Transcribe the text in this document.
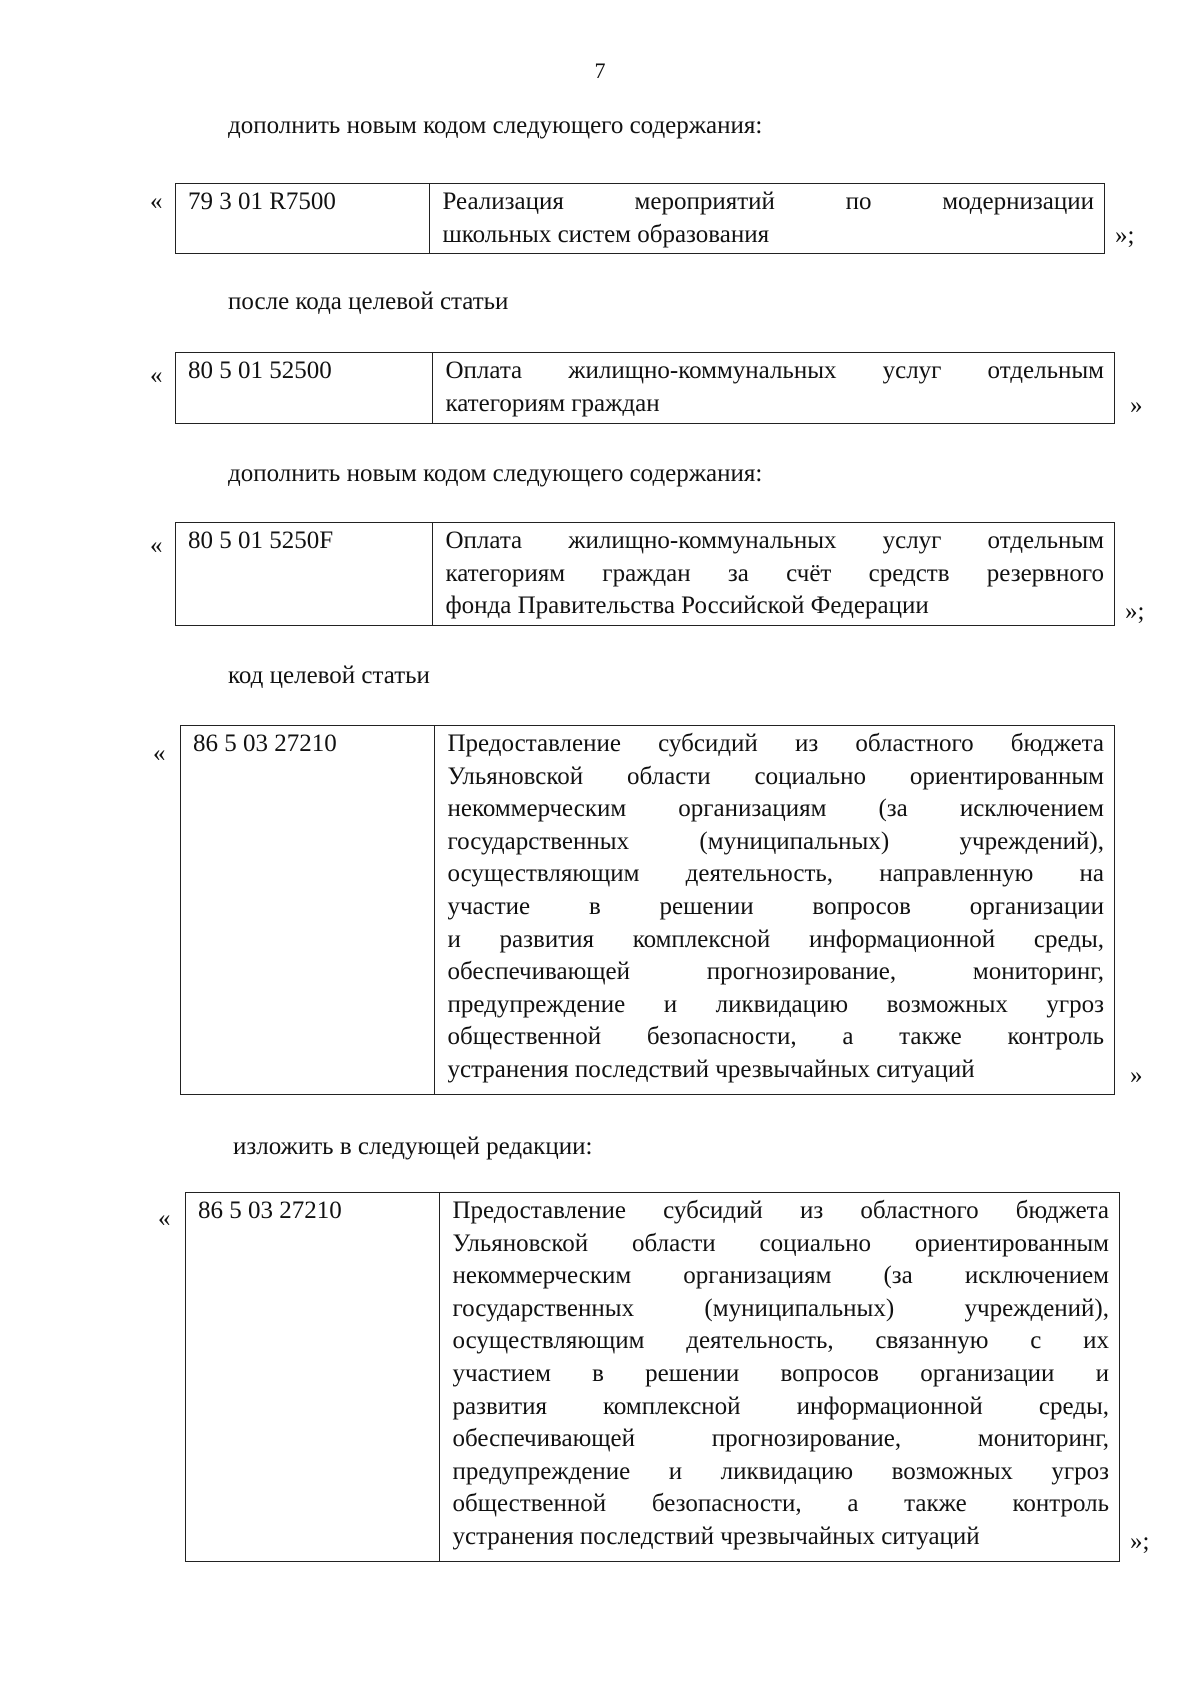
7
дополнить новым кодом следующего содержания:
«	79 3 01 R7500	Реализация мероприятий по модернизации
школьных систем образования	»;
после кода целевой статьи
«	80 5 01 52500	Оплата жилищно-коммунальных услуг отдельным
категориям граждан	»
дополнить новым кодом следующего содержания:
«	80 5 01 5250F	Оплата жилищно-коммунальных услуг отдельным
категориям граждан за счёт средств резервного
фонда Правительства Российской Федерации	»;
код целевой статьи
«	86 5 03 27210	Предоставление субсидий из областного бюджета
Ульяновской области социально ориентированным
некоммерческим организациям (за исключением
государственных (муниципальных) учреждений),
осуществляющим деятельность, направленную на
участие в решении вопросов организации
и развития комплексной информационной среды,
обеспечивающей прогнозирование, мониторинг,
предупреждение и ликвидацию возможных угроз
общественной безопасности, а также контроль
устранения последствий чрезвычайных ситуаций	»
изложить в следующей редакции:
«	86 5 03 27210	Предоставление субсидий из областного бюджета
Ульяновской области социально ориентированным
некоммерческим организациям (за исключением
государственных (муниципальных) учреждений),
осуществляющим деятельность, связанную с их
участием в решении вопросов организации и
развития комплексной информационной среды,
обеспечивающей прогнозирование, мониторинг,
предупреждение и ликвидацию возможных угроз
общественной безопасности, а также контроль
устранения последствий чрезвычайных ситуаций	»;
